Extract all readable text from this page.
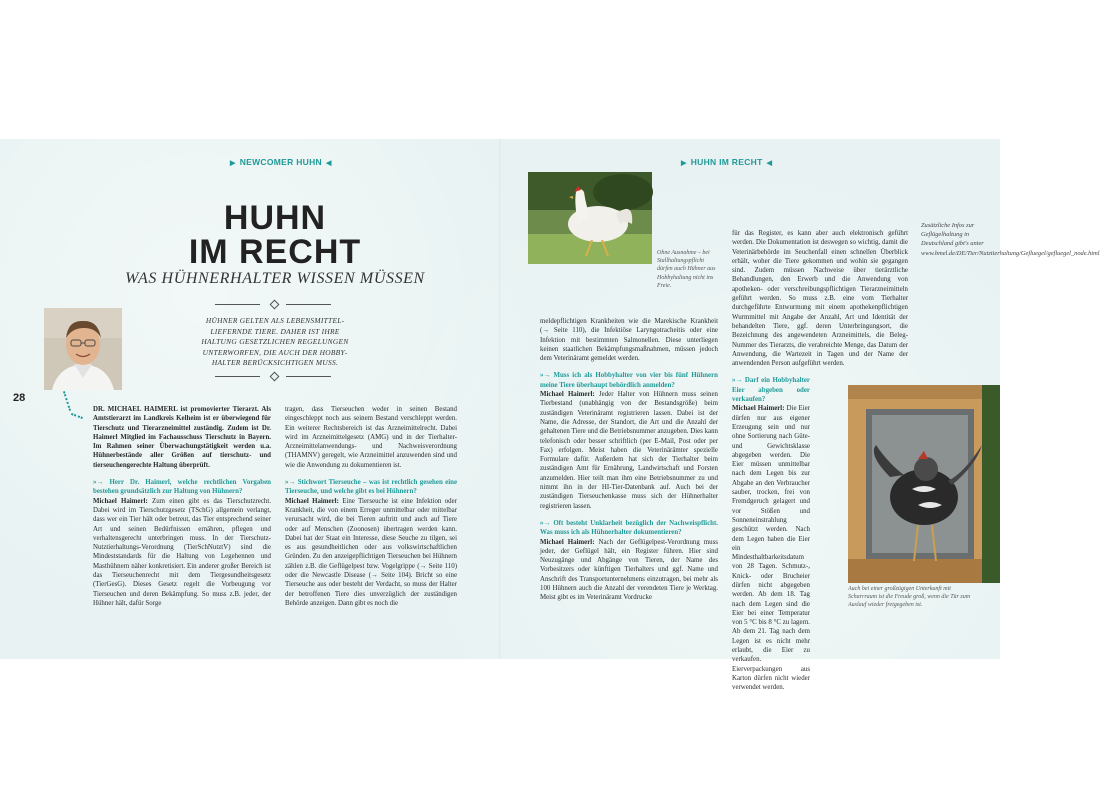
▶ NEWCOMER HUHN ◀
HUHN
IM RECHT
WAS HÜHNERHALTER WISSEN MÜSSEN
HÜHNER GELTEN ALS LEBENSMITTELLIEFERNDE TIERE. DAHER IST IHRE HALTUNG GESETZLICHEN REGELUNGEN UNTERWORFEN, DIE AUCH DER HOBBYHALTER BERÜCKSICHTIGEN MUSS.
28

DR. MICHAEL HAIMERL ist promovierter Tierarzt. Als Amtstierarzt im Landkreis Kelheim ist er überwiegend für Tierschutz und Tierarzneimittel zuständig. Zudem ist Dr. Haimerl Mitglied im Fachausschuss Tierschutz in Bayern. Im Rahmen seiner Überwachungstätigkeit werden u.a. Hühnerbestände aller Größen auf tierschutz- und tierseuchengerechte Haltung überprüft.

»→ Herr Dr. Haimerl, welche rechtlichen Vorgaben bestehen grundsätzlich zur Haltung von Hühnern?
Michael Haimerl: Zum einen gibt es das Tierschutzrecht. Dabei wird im Tierschutzgesetz (TSchG) allgemein verlangt, dass wer ein Tier hält oder betreut, das Tier entsprechend seiner Art und seinen Bedürfnissen ernähren, pflegen und verhaltensgerecht unterbringen muss. In der Tierschutz-Nutztierhaltungs-Verordnung (TierSchNutztV) sind die Mindeststandards für die Haltung von Legehennen und Masthühnern näher konkretisiert. Ein anderer großer Bereich ist das Tierseuchenrecht mit dem Tiergesundheitsgesetz (TierGesG). Dieses Gesetz regelt die Vorbeugung vor Tierseuchen und deren Bekämpfung. So muss z.B. jeder, der Hühner hält, dafür Sorge

tragen, dass Tierseuchen weder in seinen Bestand eingeschleppt noch aus seinem Bestand verschleppt werden. Ein weiterer Rechtsbereich ist das Arzneimittelrecht. Dabei wird im Arzneimittelgesetz (AMG) und in der Tierhalter-Arzneimittelanwendungs- und Nachweisverordnung (THAMNV) geregelt, wie Arzneimittel anzuwenden sind und wie die Anwendung zu dokumentieren ist.

»→ Stichwort Tierseuche – was ist rechtlich gesehen eine Tierseuche, und welche gibt es bei Hühnern?
Michael Haimerl: Eine Tierseuche ist eine Infektion oder Krankheit, die von einem Erreger unmittelbar oder mittelbar verursacht wird, die bei Tieren auftritt und auch auf Tiere oder auf Menschen (Zoonosen) übertragen werden kann. Dabei hat der Staat ein Interesse, diese Seuche zu tilgen, sei es aus gesundheitlichen oder aus volkswirtschaftlichen Gründen. Zu den anzeigepflichtigen Tierseuchen bei Hühnern zählen z.B. die Geflügelpest bzw. Vogelgrippe (→ Seite 110) oder die Newcastle Disease (→ Seite 104). Bricht so eine Tierseuche aus oder besteht der Verdacht, so muss der Halter der betroffenen Tiere dies unverzüglich der zuständigen Behörde anzeigen. Dann gibt es noch die

▶ HUHN IM RECHT ◀
Ohne Ausnahme – bei Stallhaltungspflicht dürfen auch Hühner aus Hobbyhaltung nicht ins Freie.

meldepflichtigen Krankheiten wie die Marekische Krankheit (→ Seite 110), die Infektiöse Laryngotracheitis oder eine Infektion mit bestimmten Salmonellen. Diese unterliegen keinen staatlichen Bekämpfungsmaßnahmen, müssen jedoch dem Veterinäramt gemeldet werden.

»→ Muss ich als Hobbyhalter von vier bis fünf Hühnern meine Tiere überhaupt behördlich anmelden?
Michael Haimerl: Jeder Halter von Hühnern muss seinen Tierbestand (unabhängig von der Bestandsgröße) beim zuständigen Veterinäramt registrieren lassen. Dabei ist der Name, die Adresse, der Standort, die Art und die Anzahl der gehaltenen Tiere und die Betriebsnummer anzugeben. Dies kann telefonisch oder besser schriftlich (per E-Mail, Post oder per Fax) erfolgen. Meist haben die Veterinärämter spezielle Formulare dafür. Außerdem hat sich der Tierhalter beim zuständigen Amt für Ernährung, Landwirtschaft und Forsten anzumelden. Hier teilt man ihm eine Betriebsnummer zu und nimmt ihn in der HI-Tier-Datenbank auf. Auch bei der zuständigen Tierseuchenkasse muss sich der Hühnerhalter registrieren lassen.

»→ Oft besteht Unklarheit bezüglich der Nachweispflicht. Was muss ich als Hühnerhalter dokumentieren?
Michael Haimerl: Nach der Geflügelpest-Verordnung muss jeder, der Geflügel hält, ein Register führen. Hier sind Neuzugänge und Abgänge von Tieren, der Name des Vorbesitzers oder künftigen Tierhalters und ggf. Name und Anschrift des Transportunternehmens einzutragen, bei mehr als 100 Hühnern auch die Anzahl der verendeten Tiere je Werktag. Meist gibt es im Veterinäramt Vordrucke

für das Register, es kann aber auch elektronisch geführt werden. Die Dokumentation ist deswegen so wichtig, damit die Veterinärbehörde im Seuchenfall einen schnellen Überblick erhält, woher die Tiere gekommen und wohin sie gegangen sind. Zudem müssen Nachweise über tierärztliche Behandlungen, den Erwerb und die Anwendung von apotheken- oder verschreibungspflichtigen Tierarzneimitteln geführt werden. So muss z.B. eine vom Tierhalter durchgeführte Entwurmung mit einem apothekenpflichtigen Wurmmittel mit Angabe der Anzahl, Art und Identität der behandelten Tiere, ggf. deren Unterbringungsort, die Bezeichnung des angewendeten Arzneimittels, die Beleg-Nummer des Tierarzts, die verabreichte Menge, das Datum der Anwendung, die Wartezeit in Tagen und der Name der anwendenden Person aufgeführt werden.

»→ Darf ein Hobbyhalter Eier abgeben oder verkaufen?
Michael Haimerl: Die Eier dürfen nur aus eigener Erzeugung sein und nur ohne Sortierung nach Güte- und Gewichtsklasse abgegeben werden. Die Eier müssen unmittelbar nach dem Legen bis zur Abgabe an den Verbraucher sauber, trocken, frei von Fremdgeruch gelagert und vor Stößen und Sonneneinstrahlung geschützt werden. Nach dem Legen haben die Eier ein Mindesthaltbarkeitsdatum von 28 Tagen. Schmutz-, Knick- oder Brucheier dürfen nicht abgegeben werden. Ab dem 18. Tag nach dem Legen sind die Eier bei einer Temperatur von 5 °C bis 8 °C zu lagern. Ab dem 21. Tag nach dem Legen ist es nicht mehr erlaubt, die Eier zu verkaufen. Eierverpackungen aus Karton dürfen nicht wieder verwendet werden.

Zusätzliche Infos zur Geflügelhaltung in Deutschland gibt's unter www.bmel.de/DE/Tier/Nutztierhaltung/Gefluegel/gefluegel_node.html
Auch bei einer großzügigen Unterkunft mit Scharrraum ist die Freude groß, wenn die Tür zum Auslauf wieder freigegeben ist.
